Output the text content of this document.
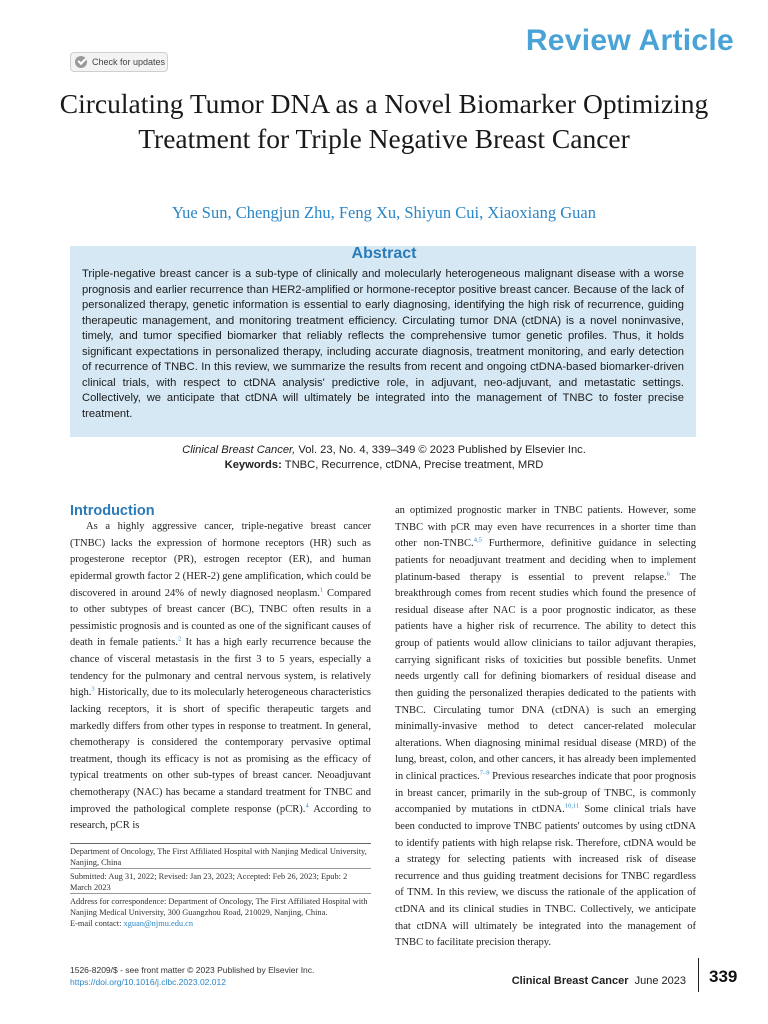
Review Article
Check for updates
Circulating Tumor DNA as a Novel Biomarker Optimizing Treatment for Triple Negative Breast Cancer
Yue Sun, Chengjun Zhu, Feng Xu, Shiyun Cui, Xiaoxiang Guan
Abstract
Triple-negative breast cancer is a sub-type of clinically and molecularly heterogeneous malignant disease with a worse prognosis and earlier recurrence than HER2-amplified or hormone-receptor positive breast cancer. Because of the lack of personalized therapy, genetic information is essential to early diagnosing, identifying the high risk of recurrence, guiding therapeutic management, and monitoring treatment efficiency. Circulating tumor DNA (ctDNA) is a novel noninvasive, timely, and tumor specified biomarker that reliably reflects the comprehensive tumor genetic profiles. Thus, it holds significant expectations in personalized therapy, including accurate diagnosis, treatment monitoring, and early detection of recurrence of TNBC. In this review, we summarize the results from recent and ongoing ctDNA-based biomarker-driven clinical trials, with respect to ctDNA analysis' predictive role, in adjuvant, neo-adjuvant, and metastatic settings. Collectively, we anticipate that ctDNA will ultimately be integrated into the management of TNBC to foster precise treatment.
Clinical Breast Cancer, Vol. 23, No. 4, 339–349 © 2023 Published by Elsevier Inc.
Keywords: TNBC, Recurrence, ctDNA, Precise treatment, MRD
Introduction
As a highly aggressive cancer, triple-negative breast cancer (TNBC) lacks the expression of hormone receptors (HR) such as progesterone receptor (PR), estrogen receptor (ER), and human epidermal growth factor 2 (HER-2) gene amplification, which could be discovered in around 24% of newly diagnosed neoplasm.$^1$ Compared to other subtypes of breast cancer (BC), TNBC often results in a pessimistic prognosis and is counted as one of the significant causes of death in female patients.$^2$ It has a high early recurrence because the chance of visceral metastasis in the first 3 to 5 years, especially a tendency for the pulmonary and central nervous system, is relatively high.$^3$ Historically, due to its molecularly heterogeneous characteristics lacking receptors, it is short of specific therapeutic targets and markedly differs from other types in response to treatment. In general, chemotherapy is considered the contemporary pervasive optimal treatment, though its efficacy is not as promising as the efficacy of typical treatments on other sub-types of breast cancer. Neoadjuvant chemotherapy (NAC) has became a standard treatment for TNBC and improved the pathological complete response (pCR).$^4$ According to research, pCR is
an optimized prognostic marker in TNBC patients. However, some TNBC with pCR may even have recurrences in a shorter time than other non-TNBC.$^{4,5}$ Furthermore, definitive guidance in selecting patients for neoadjuvant treatment and deciding when to implement platinum-based therapy is essential to prevent relapse.$^6$ The breakthrough comes from recent studies which found the presence of residual disease after NAC is a poor prognostic indicator, as these patients have a higher risk of recurrence. The ability to detect this group of patients would allow clinicians to tailor adjuvant therapies, carrying significant risks of toxicities but possible benefits. Unmet needs urgently call for defining biomarkers of residual disease and then guiding the personalized therapies dedicated to the patients with TNBC. Circulating tumor DNA (ctDNA) is such an emerging minimally-invasive method to detect cancer-related molecular alterations. When diagnosing minimal residual disease (MRD) of the lung, breast, colon, and other cancers, it has already been implemented in clinical practices.$^{7-9}$ Previous researches indicate that poor prognosis in breast cancer, primarily in the sub-group of TNBC, is commonly accompanied by mutations in ctDNA.$^{10,11}$ Some clinical trials have been conducted to improve TNBC patients' outcomes by using ctDNA to identify patients with high relapse risk. Therefore, ctDNA would be a strategy for selecting patients with increased risk of disease recurrence and thus guiding treatment decisions for TNBC regardless of TNM. In this review, we discuss the rationale of the application of ctDNA and its clinical studies in TNBC. Collectively, we anticipate that ctDNA will ultimately be integrated into the management of TNBC to facilitate precision therapy.
Department of Oncology, The First Affiliated Hospital with Nanjing Medical University, Nanjing, China
Submitted: Aug 31, 2022; Revised: Jan 23, 2023; Accepted: Feb 26, 2023; Epub: 2 March 2023
Address for correspondence: Department of Oncology, The First Affiliated Hospital with Nanjing Medical University, 300 Guangzhou Road, 210029, Nanjing, China.
E-mail contact: xguan@njmu.edu.cn
1526-8209/$ - see front matter © 2023 Published by Elsevier Inc.
https://doi.org/10.1016/j.clbc.2023.02.012	Clinical Breast Cancer June 2023 339
